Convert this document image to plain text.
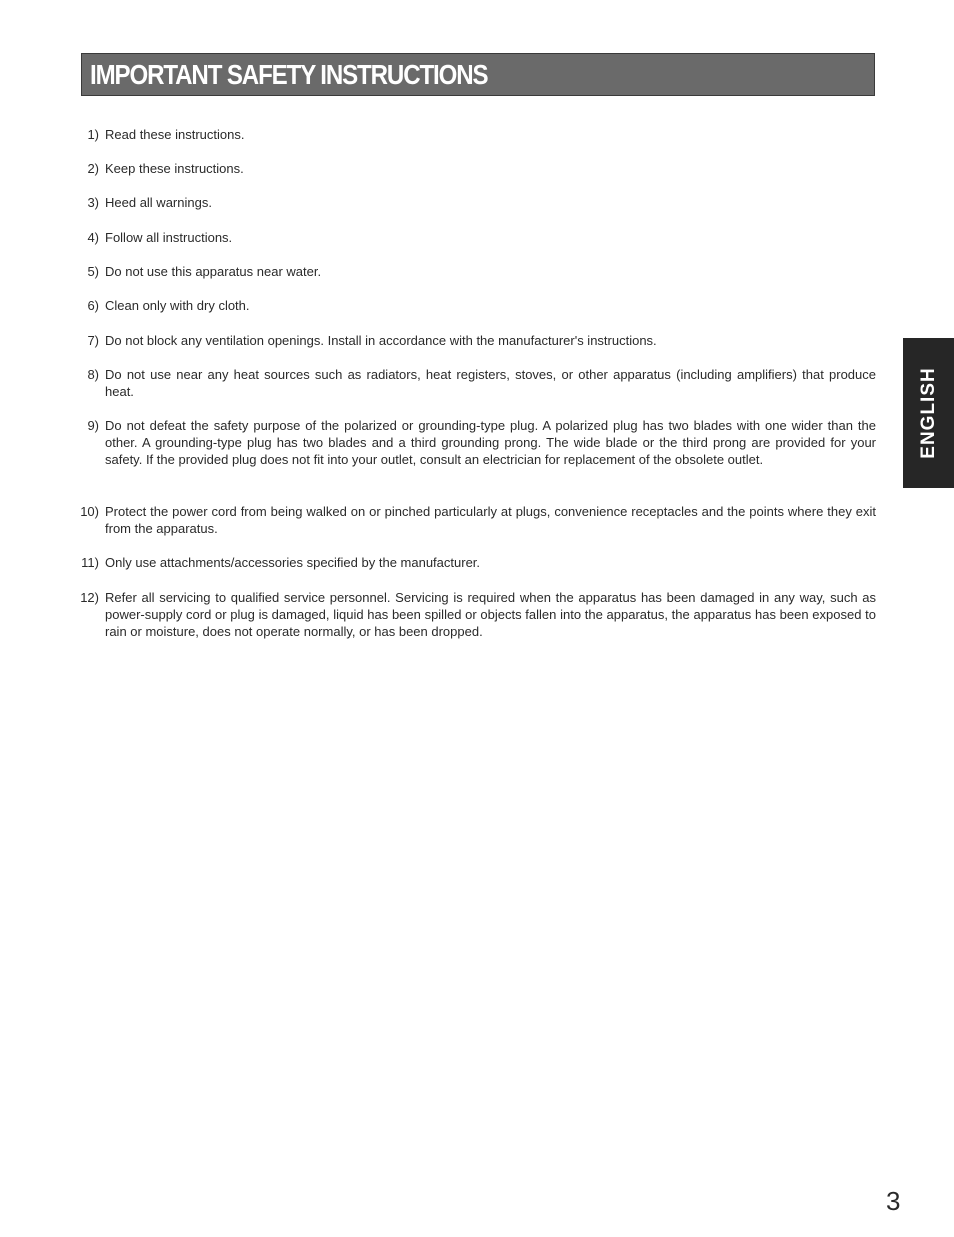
IMPORTANT SAFETY INSTRUCTIONS
1) Read these instructions.
2) Keep these instructions.
3) Heed all warnings.
4) Follow all instructions.
5) Do not use this apparatus near water.
6) Clean only with dry cloth.
7) Do not block any ventilation openings. Install in accordance with the manufacturer's instructions.
8) Do not use near any heat sources such as radiators, heat registers, stoves, or other apparatus (including amplifiers) that produce heat.
9) Do not defeat the safety purpose of the polarized or grounding-type plug. A polarized plug has two blades with one wider than the other. A grounding-type plug has two blades and a third grounding prong. The wide blade or the third prong are provided for your safety. If the provided plug does not fit into your outlet, consult an electrician for replacement of the obsolete outlet.
10) Protect the power cord from being walked on or pinched particularly at plugs, convenience receptacles and the points where they exit from the apparatus.
11) Only use attachments/accessories specified by the manufacturer.
12) Refer all servicing to qualified service personnel. Servicing is required when the apparatus has been damaged in any way, such as power-supply cord or plug is damaged, liquid has been spilled or objects fallen into the apparatus, the apparatus has been exposed to rain or moisture, does not operate normally, or has been dropped.
ENGLISH
3
